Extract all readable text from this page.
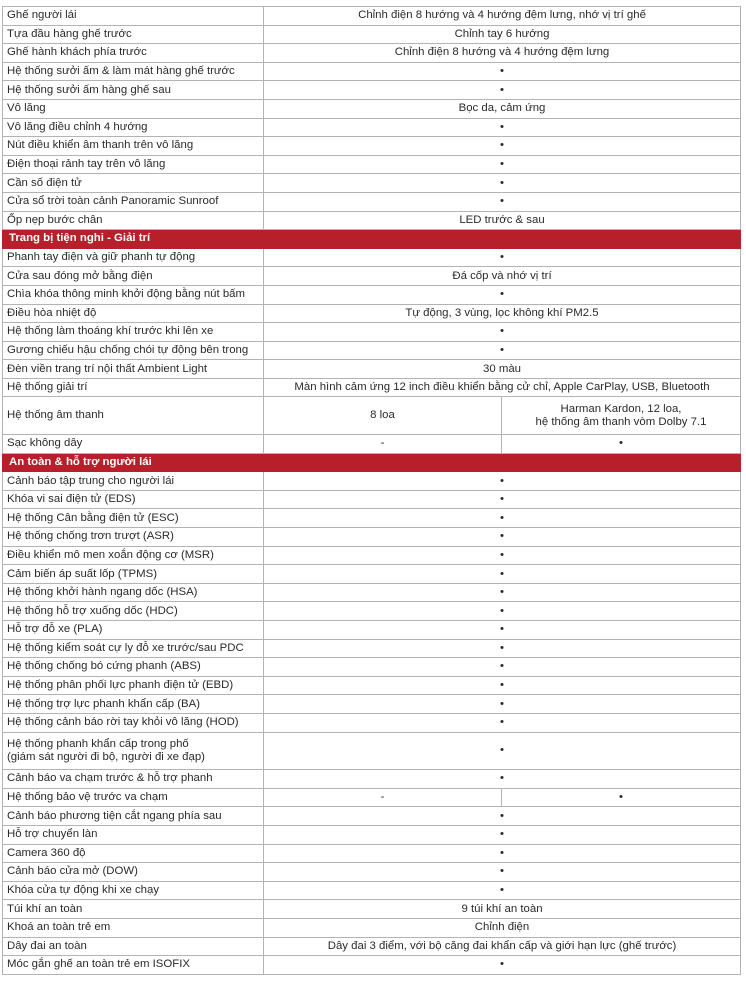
Ghế người lái	Chỉnh điện 8 hướng và 4 hướng đệm lưng, nhớ vị trí ghế	
Tựa đầu hàng ghế trước	Chỉnh tay 6 hướng	
Ghế hành khách phía trước	Chỉnh điện 8 hướng và 4 hướng đệm lưng	
Hệ thống sưởi ấm & làm mát hàng ghế trước	•	
Hệ thống sưởi ấm hàng ghế sau	•	
Vô lăng	Bọc da, cảm ứng	
Vô lăng điều chỉnh 4 hướng	•	
Nút điều khiển âm thanh trên vô lăng	•	
Điện thoại rảnh tay trên vô lăng	•	
Cần số điện tử	•	
Cửa sổ trời toàn cảnh Panoramic Sunroof	•	
Ốp nẹp bước chân	LED trước & sau	
Trang bị tiện nghi - Giải trí		
Phanh tay điện và giữ phanh tự động	•	
Cửa sau đóng mở bằng điện	Đá cốp và nhớ vị trí	
Chìa khóa thông minh khởi động bằng nút bấm	•	
Điều hòa nhiệt độ	Tự động, 3 vùng, lọc không khí PM2.5	
Hệ thống làm thoáng khí trước khi lên xe	•	
Gương chiếu hậu chống chói tự động bên trong	•	
Đèn viền trang trí nội thất Ambient Light	30 màu	
Hệ thống giải trí	Màn hình cảm ứng 12 inch điều khiển bằng cử chỉ, Apple CarPlay, USB, Bluetooth	
Hệ thống âm thanh	8 loa	Harman Kardon, 12 loa,
hệ thống âm thanh vòm Dolby 7.1

Sạc không dây	-	•
An toàn & hỗ trợ người lái		
Cảnh báo tập trung cho người lái	•	
Khóa vi sai điện tử (EDS)	•	
Hệ thống Cân bằng điện tử (ESC)	•	
Hệ thống chống trơn trượt (ASR)	•	
Điều khiển mô men xoắn động cơ (MSR)	•	
Cảm biến áp suất lốp (TPMS)	•	
Hệ thống khởi hành ngang dốc (HSA)	•	
Hệ thống hỗ trợ xuống dốc (HDC)	•	
Hỗ trợ đỗ xe (PLA)	•	
Hệ thống kiểm soát cự ly đỗ xe trước/sau PDC	•	
Hệ thống chống bó cứng phanh (ABS)	•	
Hệ thống phân phối lực phanh điện tử (EBD)	•	
Hệ thống trợ lực phanh khẩn cấp (BA)	•	
Hệ thống cảnh báo rời tay khỏi vô lăng (HOD)	•	

Hệ thống phanh khẩn cấp trong phố
(giám sát người đi bộ, người đi xe đạp)	•	
Cảnh báo va chạm trước & hỗ trợ phanh	•	
Hệ thống bảo vệ trước va chạm	-	•
Cảnh báo phương tiện cắt ngang phía sau	•	
Hỗ trợ chuyển làn	•	
Camera 360 độ	•	
Cảnh báo cửa mở (DOW)	•	
Khóa cửa tự động khi xe chạy	•	
Túi khí an toàn	9 túi khí an toàn	
Khoá an toàn trẻ em	Chỉnh điện	
Dây đai an toàn	Dây đai 3 điểm, với bộ căng đai khẩn cấp và giới hạn lực (ghế trước)	
Móc gắn ghế an toàn trẻ em ISOFIX	•	
